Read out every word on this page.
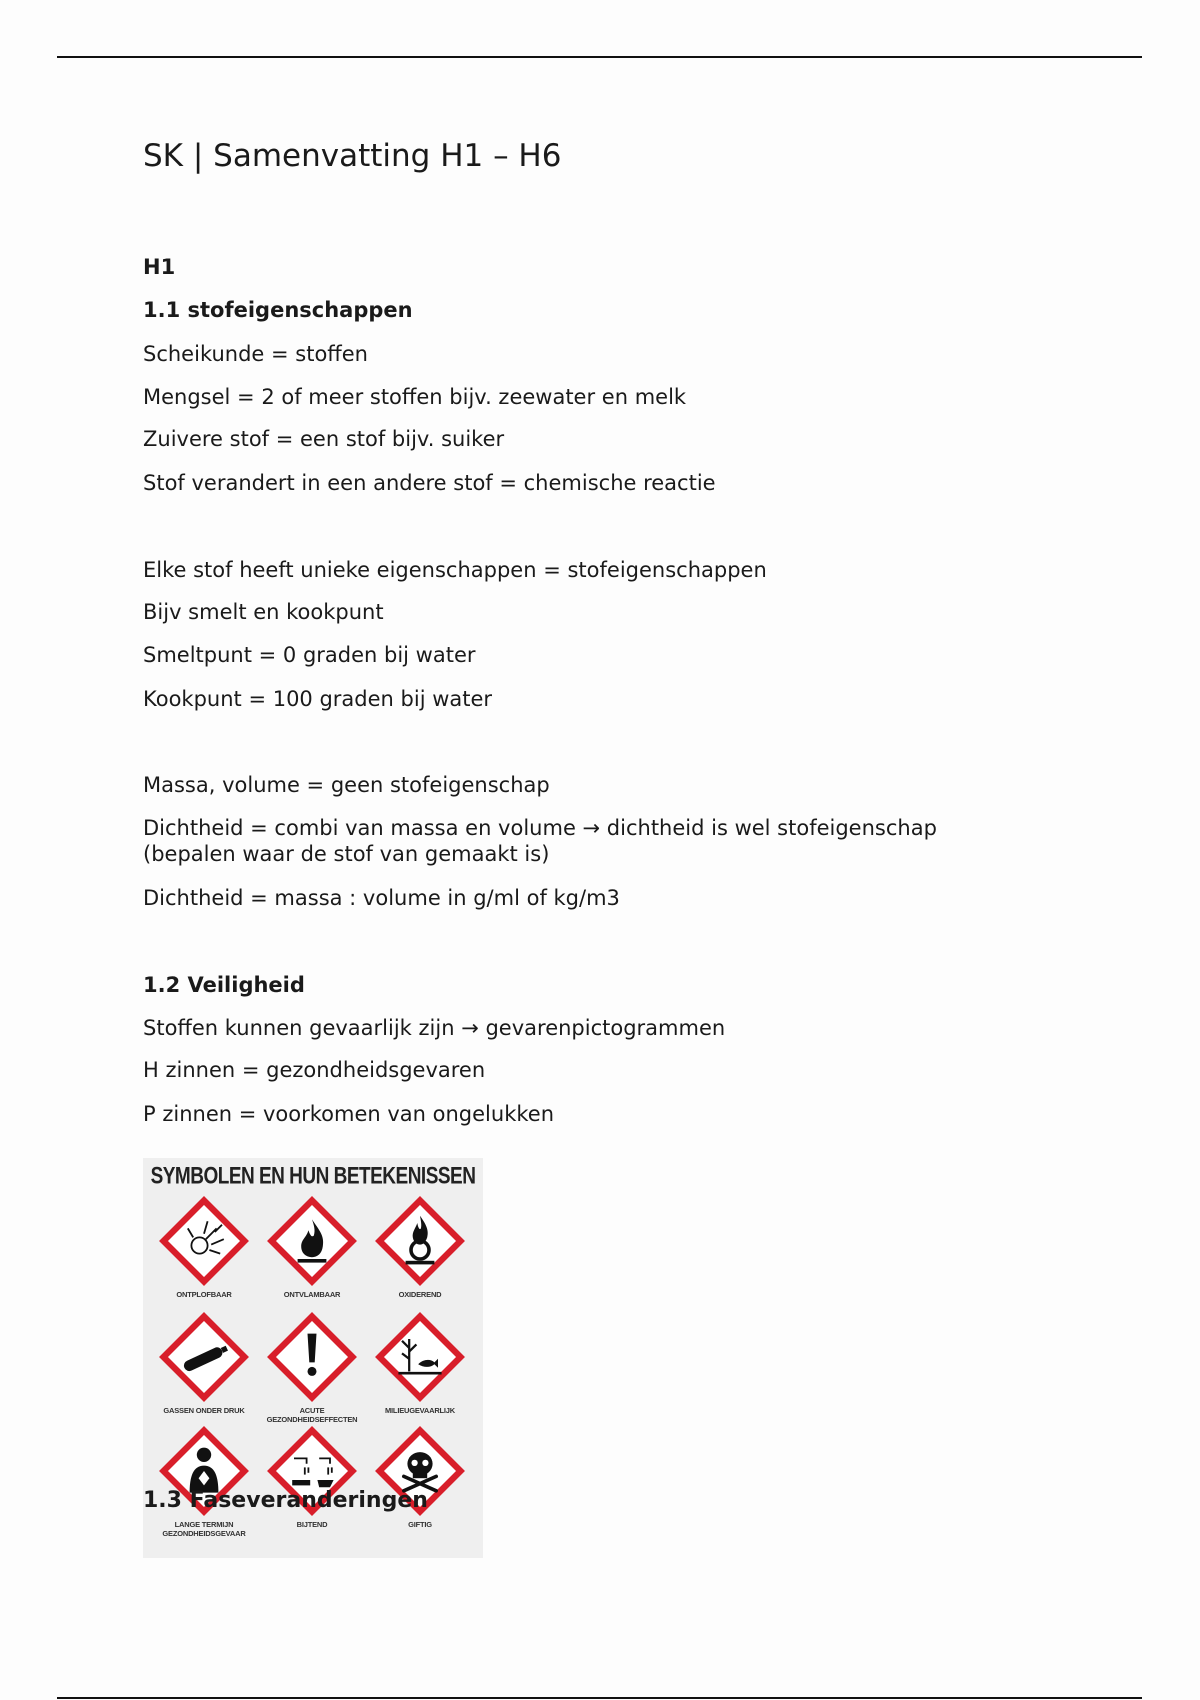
SK | Samenvatting H1 – H6

H1

1.1 stofeigenschappen

Scheikunde = stoffen

Mengsel = 2 of meer stoffen bijv. zeewater en melk

Zuivere stof = een stof bijv. suiker

Stof verandert in een andere stof = chemische reactie

Elke stof heeft unieke eigenschappen = stofeigenschappen

Bijv smelt en kookpunt

Smeltpunt = 0 graden bij water

Kookpunt = 100 graden bij water

Massa, volume = geen stofeigenschap

Dichtheid = combi van massa en volume → dichtheid is wel stofeigenschap

(bepalen waar de stof van gemaakt is)

Dichtheid = massa : volume in g/ml of kg/m3

1.2 Veiligheid

Stoffen kunnen gevaarlijk zijn → gevarenpictogrammen

H zinnen = gezondheidsgevaren

P zinnen = voorkomen van ongelukken

SYMBOLEN EN HUN BETEKENISSEN
ONTPLOFBAAR	ONTVLAMBAAR	OXIDEREND
GASSEN ONDER DRUK	ACUTE GEZONDHEIDSEFFECTEN
MILIEUGEVAARLIJK
LANGE TERMIJN GEZONDHEIDSGEVAAR
BIJTEND	GIFTIG
1.3 Faseveranderingen
